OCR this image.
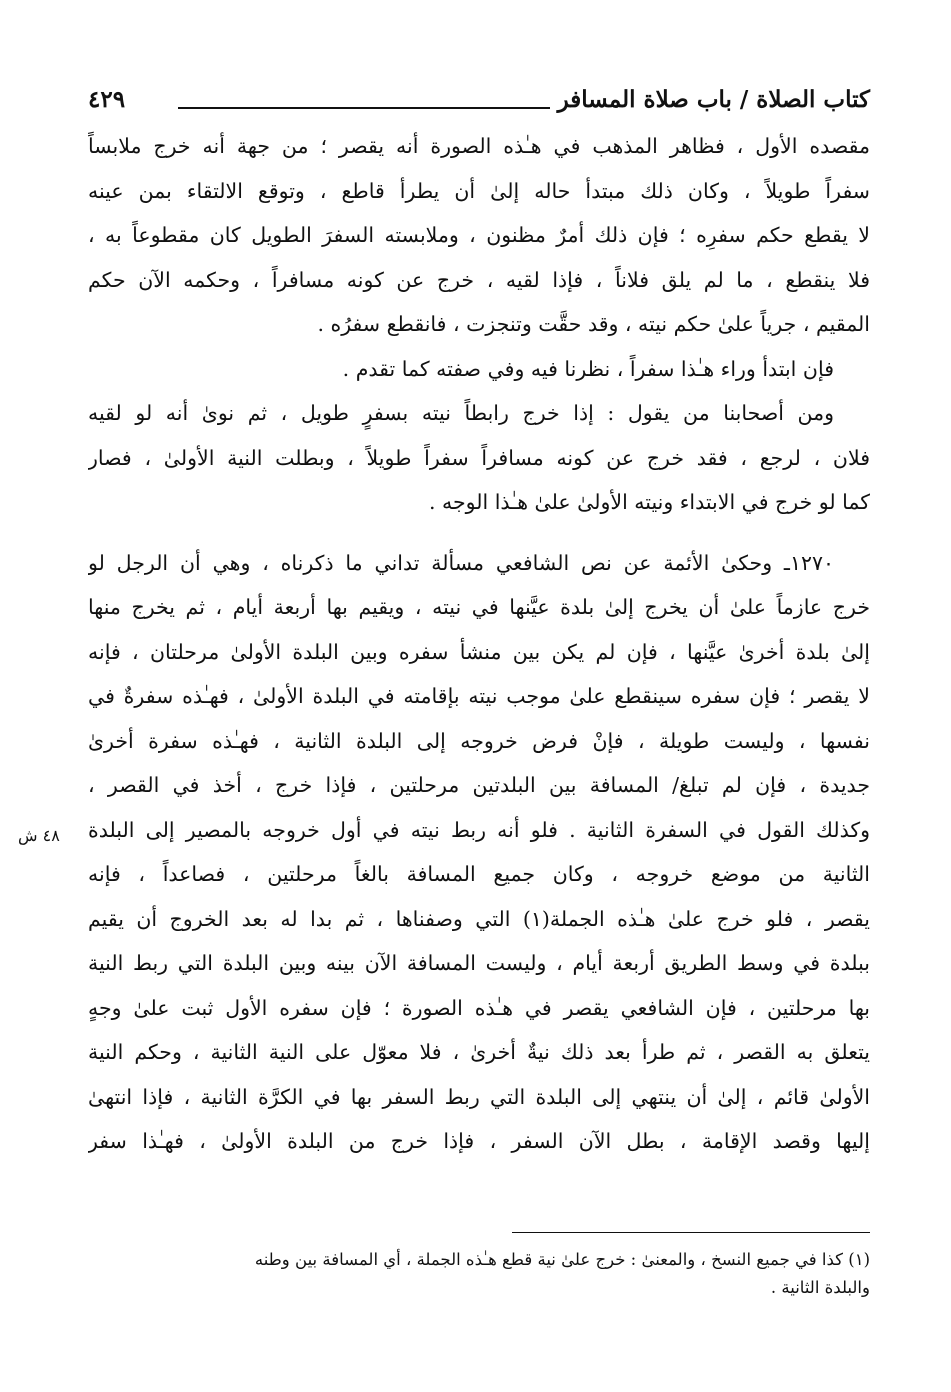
كتاب الصلاة / باب صلاة المسافر
٤٢٩
مقصده الأول ، فظاهر المذهب في هـٰذه الصورة أنه يقصر ؛ من جهة أنه خرج ملابساً
سفراً طويلاً ، وكان ذلك مبتدأ حاله إلىٰ أن يطرأ قاطع ، وتوقع الالتقاء بمن عينه
لا يقطع حكم سفرِه ؛ فإن ذلك أمرٌ مظنون ، وملابسته السفرَ الطويل كان مقطوعاً به ،
فلا ينقطع ، ما لم يلق فلاناً ، فإذا لقيه ، خرج عن كونه مسافراً ، وحكمه الآن حكم
المقيم ، جرياً علىٰ حكم نيته ، وقد حقَّت وتنجزت ، فانقطع سفرُه .
فإن ابتدأ وراء هـٰذا سفراً ، نظرنا فيه وفي صفته كما تقدم .
ومن أصحابنا من يقول : إذا خرج رابطاً نيته بسفرٍ طويل ، ثم نوىٰ أنه لو لقيه
فلان ، لرجع ، فقد خرج عن كونه مسافراً سفراً طويلاً ، وبطلت النية الأولىٰ ، فصار
كما لو خرج في الابتداء ونيته الأولىٰ علىٰ هـٰذا الوجه .
١٢٧٠ـ وحكىٰ الأئمة عن نص الشافعي مسألة تداني ما ذكرناه ، وهي أن الرجل لو
خرج عازماً علىٰ أن يخرج إلىٰ بلدة عيَّنها في نيته ، ويقيم بها أربعة أيام ، ثم يخرج منها
إلىٰ بلدة أخرىٰ عيَّنها ، فإن لم يكن بين منشأ سفره وبين البلدة الأولىٰ مرحلتان ، فإنه
لا يقصر ؛ فإن سفره سينقطع علىٰ موجب نيته بإقامته في البلدة الأولىٰ ، فهـٰذه سفرةٌ في
نفسها ، وليست طويلة ، فإنْ فرض خروجه إلى البلدة الثانية ، فهـٰذه سفرة أخرىٰ
جديدة ، فإن لم تبلغ/ المسافة بين البلدتين مرحلتين ، فإذا خرج ، أخذ في القصر ،
وكذلك القول في السفرة الثانية . فلو أنه ربط نيته في أول خروجه بالمصير إلى البلدة
الثانية من موضع خروجه ، وكان جميع المسافة بالغاً مرحلتين ، فصاعداً ، فإنه
يقصر ، فلو خرج علىٰ هـٰذه الجملة(١) التي وصفناها ، ثم بدا له بعد الخروج أن يقيم
ببلدة في وسط الطريق أربعة أيام ، وليست المسافة الآن بينه وبين البلدة التي ربط النية
بها مرحلتين ، فإن الشافعي يقصر في هـٰذه الصورة ؛ فإن سفره الأول ثبت علىٰ وجهٍ
يتعلق به القصر ، ثم طرأ بعد ذلك نيةٌ أخرىٰ ، فلا معوّل على النية الثانية ، وحكم النية
الأولىٰ قائم ، إلىٰ أن ينتهي إلى البلدة التي ربط السفر بها في الكرَّة الثانية ، فإذا انتهىٰ
إليها وقصد الإقامة ، بطل الآن السفر ، فإذا خرج من البلدة الأولىٰ ، فهـٰذا سفر
٤٨ ش
(١) كذا في جميع النسخ ، والمعنىٰ : خرج علىٰ نية قطع هـٰذه الجملة ، أي المسافة بين وطنه
والبلدة الثانية .
